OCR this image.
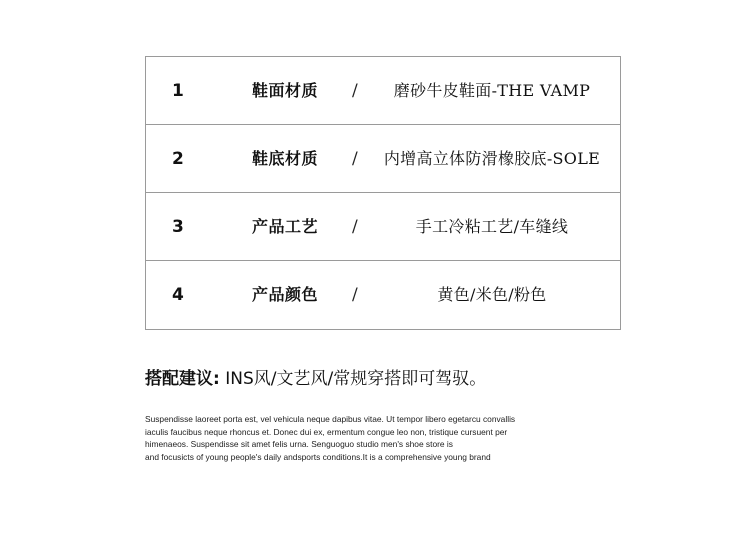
1	鞋面材质 /	磨砂牛皮鞋面-THE VAMP
2	鞋底材质 /	内增高立体防滑橡胶底-SOLE
3	产品工艺 /	手工冷粘工艺/车缝线
4	产品颜色 /	黄色/米色/粉色
搭配建议: INS风/文艺风/常规穿搭即可驾驭。
Suspendisse laoreet porta est, vel vehicula neque dapibus vitae. Ut tempor libero egetarcu convallis
iaculis faucibus neque rhoncus et. Donec dui ex, ermentum congue leo non, tristique cursuent per
himenaeos. Suspendisse sit amet felis urna. Senguoguo studio men's shoe store is
and focusicts of young people's daily andsports conditions.It is a comprehensive young brand
